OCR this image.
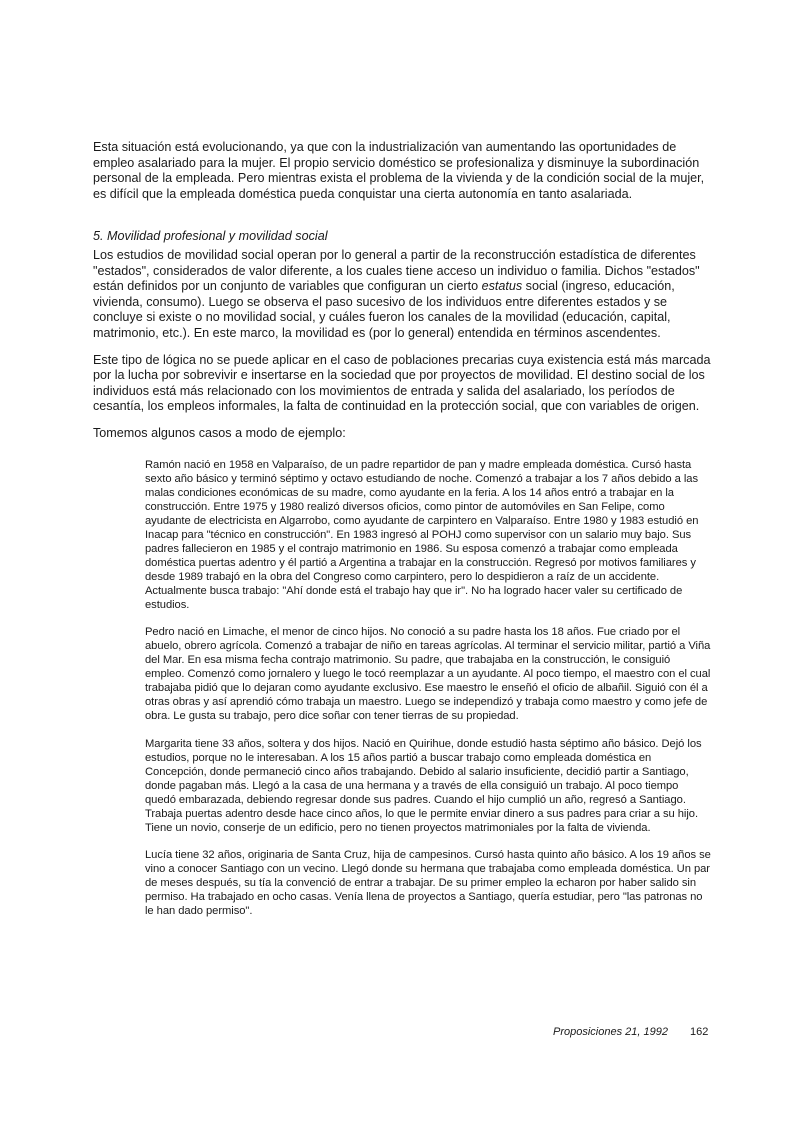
Esta situación está evolucionando, ya que con la industrialización van aumentando las oportunidades de empleo asalariado para la mujer. El propio servicio doméstico se profesionaliza y disminuye la subordinación personal de la empleada. Pero mientras exista el problema de la vivienda y de la condición social de la mujer, es difícil que la empleada doméstica pueda conquistar una cierta autonomía en tanto asalariada.

5. Movilidad profesional y movilidad social

Los estudios de movilidad social operan por lo general a partir de la reconstrucción estadística de diferentes "estados", considerados de valor diferente, a los cuales tiene acceso un individuo o familia. Dichos "estados" están definidos por un conjunto de variables que configuran un cierto estatus social (ingreso, educación, vivienda, consumo). Luego se observa el paso sucesivo de los individuos entre diferentes estados y se concluye si existe o no movilidad social, y cuáles fueron los canales de la movilidad (educación, capital, matrimonio, etc.). En este marco, la movilidad es (por lo general) entendida en términos ascendentes.

Este tipo de lógica no se puede aplicar en el caso de poblaciones precarias cuya existencia está más marcada por la lucha por sobrevivir e insertarse en la sociedad que por proyectos de movilidad. El destino social de los individuos está más relacionado con los movimientos de entrada y salida del asalariado, los períodos de cesantía, los empleos informales, la falta de continuidad en la protección social, que con variables de origen.

Tomemos algunos casos a modo de ejemplo:

Ramón nació en 1958 en Valparaíso, de un padre repartidor de pan y madre empleada doméstica. Cursó hasta sexto año básico y terminó séptimo y octavo estudiando de noche. Comenzó a trabajar a los 7 años debido a las malas condiciones económicas de su madre, como ayudante en la feria. A los 14 años entró a trabajar en la construcción. Entre 1975 y 1980 realizó diversos oficios, como pintor de automóviles en San Felipe, como ayudante de electricista en Algarrobo, como ayudante de carpintero en Valparaíso. Entre 1980 y 1983 estudió en Inacap para "técnico en construcción". En 1983 ingresó al POHJ como supervisor con un salario muy bajo. Sus padres fallecieron en 1985 y el contrajo matrimonio en 1986. Su esposa comenzó a trabajar como empleada doméstica puertas adentro y él partió a Argentina a trabajar en la construcción. Regresó por motivos familiares y desde 1989 trabajó en la obra del Congreso como carpintero, pero lo despidieron a raíz de un accidente. Actualmente busca trabajo: "Ahí donde está el trabajo hay que ir". No ha logrado hacer valer su certificado de estudios.

Pedro nació en Limache, el menor de cinco hijos. No conoció a su padre hasta los 18 años. Fue criado por el abuelo, obrero agrícola. Comenzó a trabajar de niño en tareas agrícolas. Al terminar el servicio militar, partió a Viña del Mar. En esa misma fecha contrajo matrimonio. Su padre, que trabajaba en la construcción, le consiguió empleo. Comenzó como jornalero y luego le tocó reemplazar a un ayudante. Al poco tiempo, el maestro con el cual trabajaba pidió que lo dejaran como ayudante exclusivo. Ese maestro le enseñó el oficio de albañil. Siguió con él a otras obras y así aprendió cómo trabaja un maestro. Luego se independizó y trabaja como maestro y como jefe de obra. Le gusta su trabajo, pero dice soñar con tener tierras de su propiedad.

Margarita tiene 33 años, soltera y dos hijos. Nació en Quirihue, donde estudió hasta séptimo año básico. Dejó los estudios, porque no le interesaban. A los 15 años partió a buscar trabajo como empleada doméstica en Concepción, donde permaneció cinco años trabajando. Debido al salario insuficiente, decidió partir a Santiago, donde pagaban más. Llegó a la casa de una hermana y a través de ella consiguió un trabajo. Al poco tiempo quedó embarazada, debiendo regresar donde sus padres. Cuando el hijo cumplió un año, regresó a Santiago. Trabaja puertas adentro desde hace cinco años, lo que le permite enviar dinero a sus padres para criar a su hijo. Tiene un novio, conserje de un edificio, pero no tienen proyectos matrimoniales por la falta de vivienda.

Lucía tiene 32 años, originaria de Santa Cruz, hija de campesinos. Cursó hasta quinto año básico. A los 19 años se vino a conocer Santiago con un vecino. Llegó donde su hermana que trabajaba como empleada doméstica. Un par de meses después, su tía la convenció de entrar a trabajar. De su primer empleo la echaron por haber salido sin permiso. Ha trabajado en ocho casas. Venía llena de proyectos a Santiago, quería estudiar, pero "las patronas no le han dado permiso".

Proposiciones 21, 1992 162
